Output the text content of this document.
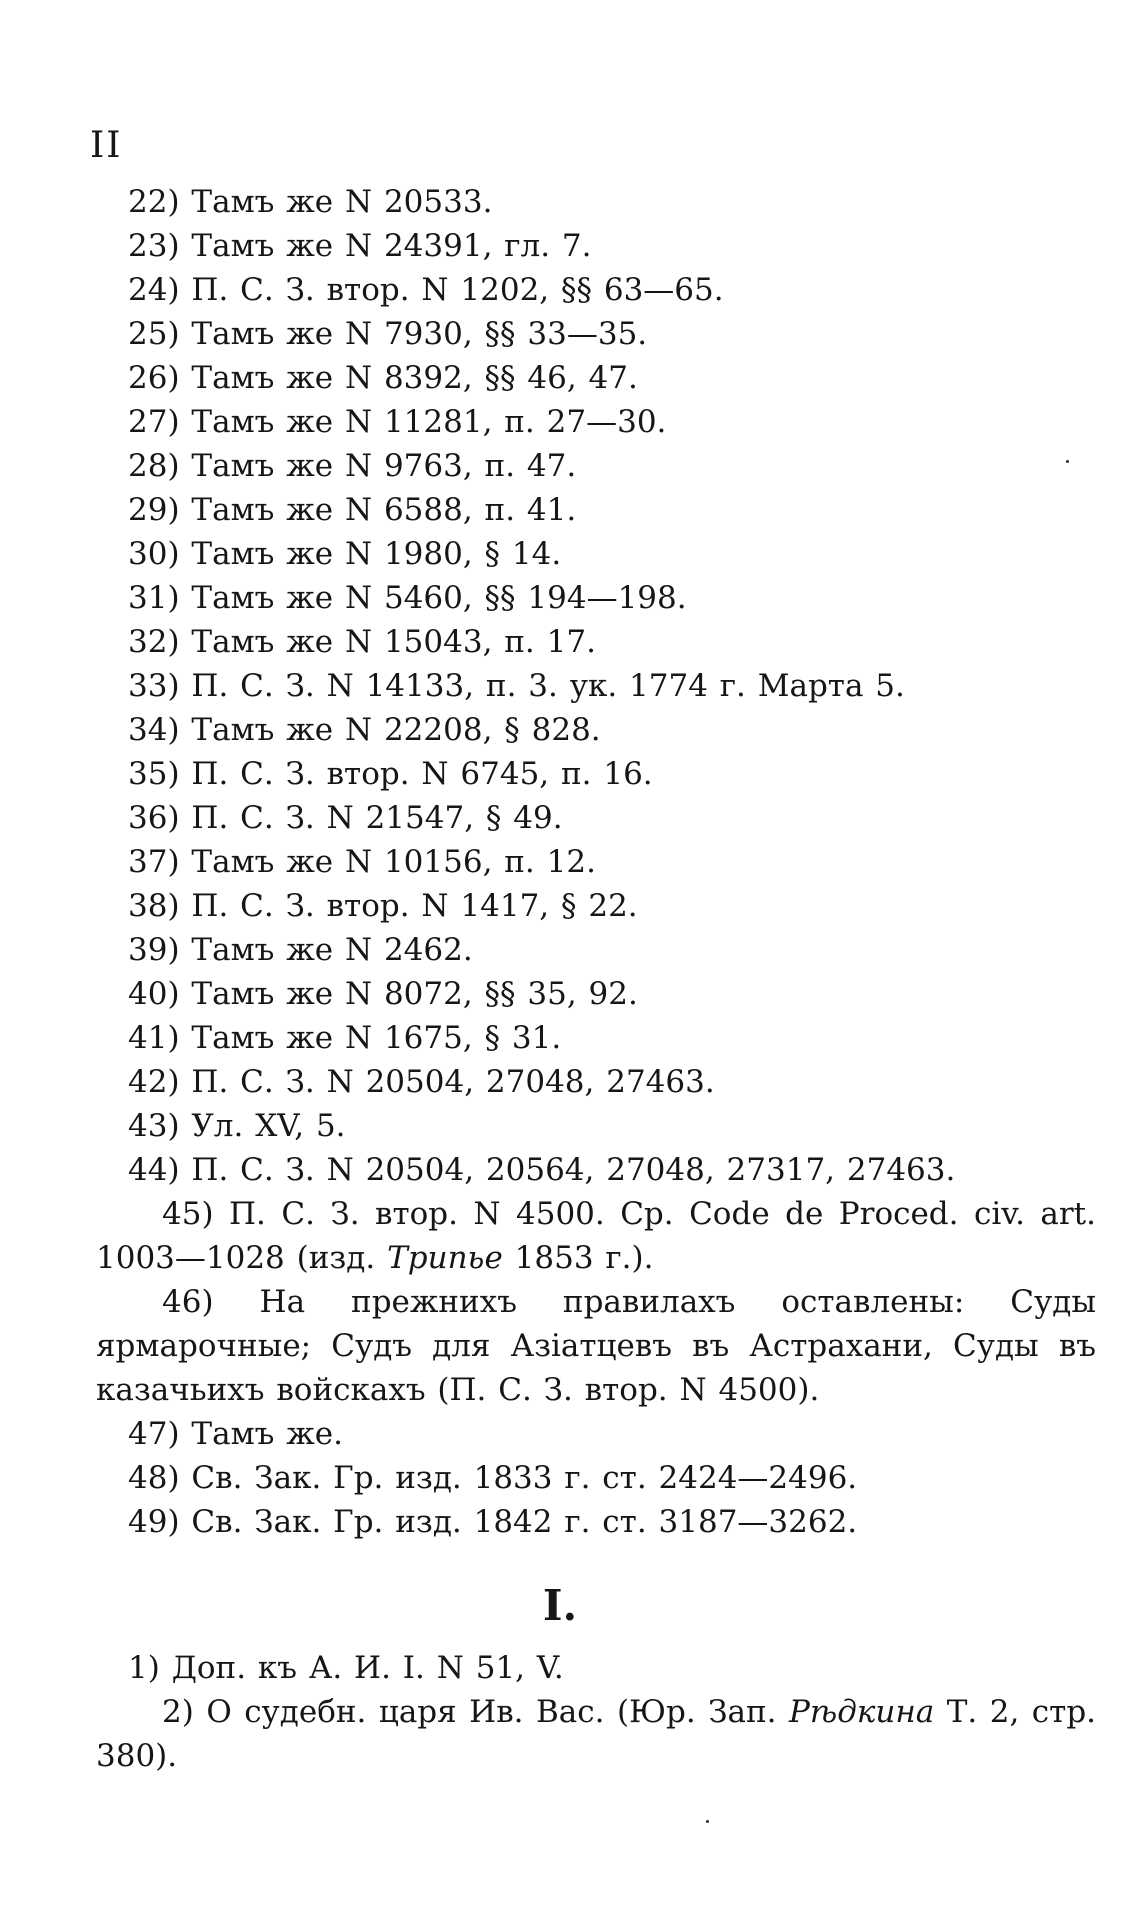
II
22) Тамъ же N 20533.
23) Тамъ же N 24391, гл. 7.
24) П. С. З. втор. N 1202, §§ 63—65.
25) Тамъ же N 7930, §§ 33—35.
26) Тамъ же N 8392, §§ 46, 47.
27) Тамъ же N 11281, п. 27—30.
28) Тамъ же N 9763, п. 47.
29) Тамъ же N 6588, п. 41.
30) Тамъ же N 1980, § 14.
31) Тамъ же N 5460, §§ 194—198.
32) Тамъ же N 15043, п. 17.
33) П. С. З. N 14133, п. 3. ук. 1774 г. Марта 5.
34) Тамъ же N 22208, § 828.
35) П. С. З. втор. N 6745, п. 16.
36) П. С. З. N 21547, § 49.
37) Тамъ же N 10156, п. 12.
38) П. С. З. втор. N 1417, § 22.
39) Тамъ же N 2462.
40) Тамъ же N 8072, §§ 35, 92.
41) Тамъ же N 1675, § 31.
42) П. С. З. N 20504, 27048, 27463.
43) Ул. XV, 5.
44) П. С. З. N 20504, 20564, 27048, 27317, 27463.
45) П. С. З. втор. N 4500. Ср. Code de Proced. civ. art. 1003—1028 (изд. Трипье 1853 г.).
46) На прежнихъ правилахъ оставлены: Суды ярмарочные; Судъ для Азіатцевъ въ Астрахани, Суды въ казачьихъ войскахъ (П. С. З. втор. N 4500).
47) Тамъ же.
48) Св. Зак. Гр. изд. 1833 г. ст. 2424—2496.
49) Св. Зак. Гр. изд. 1842 г. ст. 3187—3262.
I.
1) Доп. къ А. И. I. N 51, V.
2) О судебн. царя Ив. Вас. (Юр. Зап. Рѣдкина Т. 2, стр. 380).
